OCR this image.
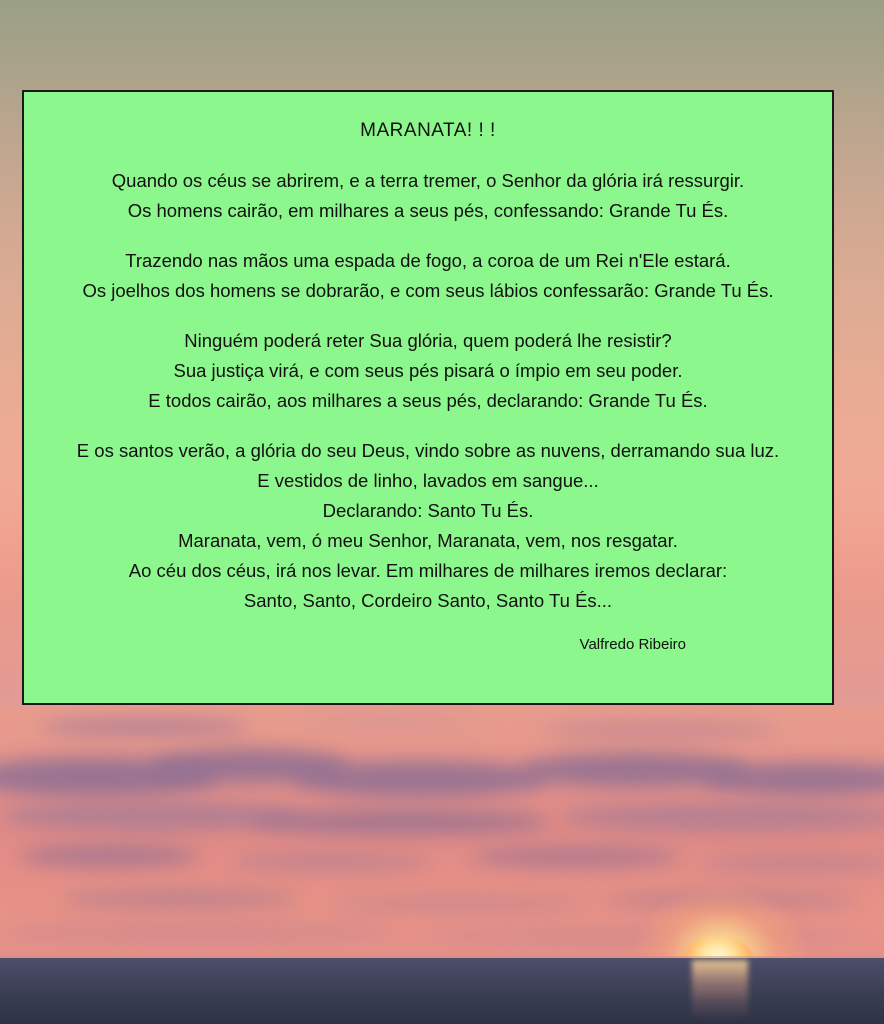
MARANATA! ! !
Quando os céus se abrirem, e a terra tremer, o Senhor da glória irá ressurgir.
Os homens cairão, em milhares a seus pés, confessando: Grande Tu És.
Trazendo nas mãos uma espada de fogo, a coroa de um Rei n'Ele estará.
Os joelhos dos homens se dobrarão, e com seus lábios confessarão: Grande Tu És.
Ninguém poderá reter Sua glória, quem poderá lhe resistir?
Sua justiça virá, e com seus pés pisará o ímpio em seu poder.
E todos cairão, aos milhares a seus pés, declarando: Grande Tu És.
E os santos verão, a glória do seu Deus, vindo sobre as nuvens, derramando sua luz.
E vestidos de linho, lavados em sangue...
Declarando: Santo Tu És.
Maranata, vem, ó meu Senhor, Maranata, vem, nos resgatar.
Ao céu dos céus, irá nos levar. Em milhares de milhares iremos declarar:
Santo, Santo, Cordeiro Santo, Santo Tu És...
Valfredo Ribeiro
